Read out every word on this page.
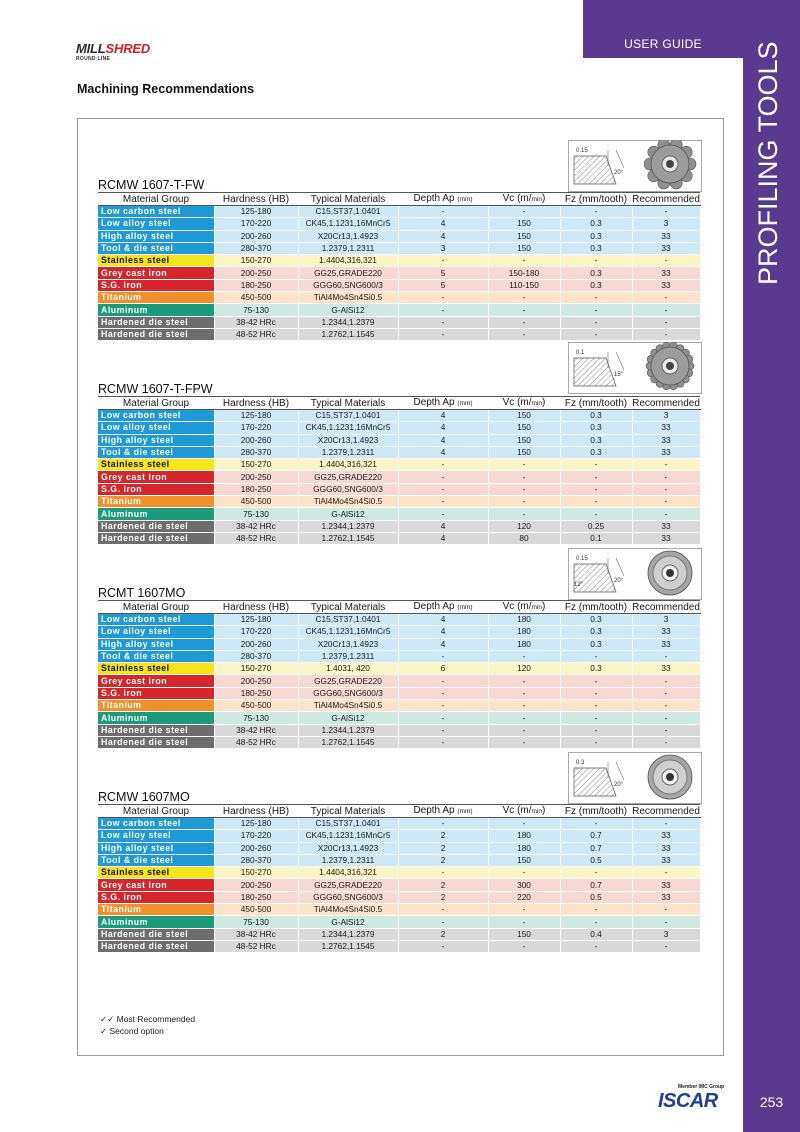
USER GUIDE	PROFILING TOOLS
253
MILLSHRED
ROUND LINE
Machining Recommendations
RCMW 1607-T-FW
0.15
20°
Material Group	Hardness (HB)	Typical Materials	Depth Ap (mm)	Vc (m/min)	Fz (mm/tooth)	Recommended
Low carbon steel	125-180	C15,ST37,1.0401	-	-	-	-
Low alloy steel	170-220	CK45,1.1231,16MnCr5	4	150	0.3	3
High alloy steel	200-260	X20Cr13,1.4923	4	150	0.3	33
Tool & die steel	280-370	1.2379,1.2311	3	150	0.3	33
Stainless steel	150-270	1.4404,316,321	-	-	-	-
Grey cast iron	200-250	GG25,GRADE220	5	150-180	0.3	33
S.G. iron	180-250	GGG60,SNG600/3	5	110-150	0.3	33
Titanium	450-500	TiAl4Mo4Sn4Si0.5	-	-	-	-
Aluminum	75-130	G-AlSi12	-	-	-	-
Hardened die steel	38-42 HRc	1.2344,1.2379	-	-	-	-
Hardened die steel	48-52 HRc	1.2762,1.1545	-	-	-	-
RCMW 1607-T-FPW
0.1
15°
Material Group	Hardness (HB)	Typical Materials	Depth Ap (mm)	Vc (m/min)	Fz (mm/tooth)	Recommended
Low carbon steel	125-180	C15,ST37,1.0401	4	150	0.3	3
Low alloy steel	170-220	CK45,1.1231,16MnCr5	4	150	0.3	33
High alloy steel	200-260	X20Cr13,1.4923	4	150	0.3	33
Tool & die steel	280-370	1.2379,1.2311	4	150	0.3	33
Stainless steel	150-270	1.4404,316,321	-	-	-	-
Grey cast iron	200-250	GG25,GRADE220	-	-	-	-
S.G. iron	180-250	GGG60,SNG600/3	-	-	-	-
Titanium	450-500	TiAl4Mo4Sn4Si0.5	-	-	-	-
Aluminum	75-130	G-AlSi12	-	-	-	-
Hardened die steel	38-42 HRc	1.2344,1.2379	4	120	0.25	33
Hardened die steel	48-52 HRc	1.2762,1.1545	4	80	0.1	33
RCMT 1607MO
0.15
20°
12°
Material Group	Hardness (HB)	Typical Materials	Depth Ap (mm)	Vc (m/min)	Fz (mm/tooth)	Recommended
Low carbon steel	125-180	C15,ST37,1.0401	4	180	0.3	3
Low alloy steel	170-220	CK45,1.1231,16MnCr5	4	180	0.3	33
High alloy steel	200-260	X20Cr13,1.4923	4	180	0.3	33
Tool & die steel	280-370	1.2379,1.2311	-	-	-	-
Stainless steel	150-270	1.4031, 420	6	120	0.3	33
Grey cast iron	200-250	GG25,GRADE220	-	-	-	-
S.G. iron	180-250	GGG60,SNG600/3	-	-	-	-
Titanium	450-500	TiAl4Mo4Sn4Si0.5	-	-	-	-
Aluminum	75-130	G-AlSi12	-	-	-	-
Hardened die steel	38-42 HRc	1.2344,1.2379	-	-	-	-
Hardened die steel	48-52 HRc	1.2762,1.1545	-	-	-	-
RCMW 1607MO
0.3
20°
Material Group	Hardness (HB)	Typical Materials	Depth Ap (mm)	Vc (m/min)	Fz (mm/tooth)	Recommended
Low carbon steel	125-180	C15,ST37,1.0401	-	-	-	-
Low alloy steel	170-220	CK45,1.1231,16MnCr5	2	180	0.7	33
High alloy steel	200-260	X20Cr13,1.4923	2	180	0.7	33
Tool & die steel	280-370	1.2379,1.2311	2	150	0.5	33
Stainless steel	150-270	1.4404,316,321	-	-	-	-
Grey cast iron	200-250	GG25,GRADE220	2	300	0.7	33
S.G. iron	180-250	GGG60,SNG600/3	2	220	0.5	33
Titanium	450-500	TiAl4Mo4Sn4Si0.5	-	-	-	-
Aluminum	75-130	G-AlSi12	-	-	-	-
Hardened die steel	38-42 HRc	1.2344,1.2379	2	150	0.4	3
Hardened die steel	48-52 HRc	1.2762,1.1545	-	-	-	-
✓✓ Most Recommended
✓ Second option
Member IMC Group
ISCAR
